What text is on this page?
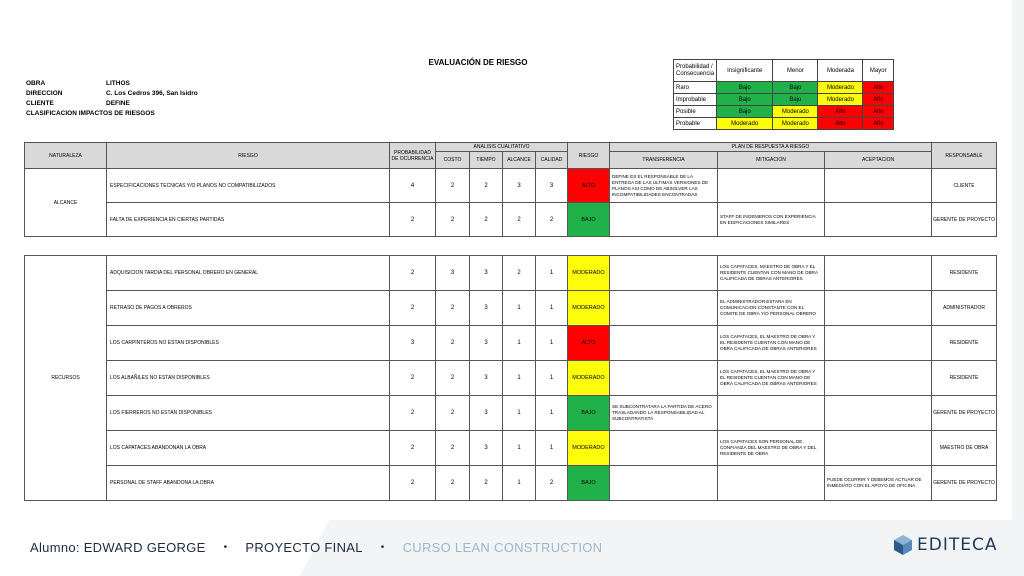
EVALUACIÓN DE RIESGO
OBRA	LITHOS
DIRECCION	C. Los Cedros 396, San Isidro
CLIENTE	DEFINE
CLASIFICACION IMPACTOS DE RIESGOS
Probabilidad / Consecuencia	Insignificante	Menor	Moderada	Mayor
Raro	Bajo	Bajo	Moderado	Alto
Improbable	Bajo	Bajo	Moderado	Alto
Posible	Bajo	Moderado	Alto	Alto
Probable	Moderado	Moderado	Alto	Alto
NATURALEZA	RIESGO	PROBABILIDAD DE OCURRENCIA	ANALISIS CUALITATIVO				RIESGO	PLAN DE RESPUESTA A RIESGO			RESPONSABLE
			COSTO	TIEMPO	ALCANCE	CALIDAD		TRANSFERENCIA	MITIGACION	ACEPTACION	
ALCANCE	ESPECIFICACIONES TECNICAS Y/O PLANOS NO COMPATIBILIZADOS	4	2	2	3	3	ALTO	DEFINE ES EL RESPONSABLE DE LA ENTREGA DE LAS ULTIMAS VERSIONES DE PLANOS ASI COMO DE ABSOLVER LAS INCOMPATIBILIDADES ENCONTRADAS			CLIENTE
	FALTA DE EXPERIENCIA EN CIERTAS PARTIDAS	2	2	2	2	2	BAJO		STAFF DE INGENIEROS CON EXPERIENCIA EN EDIFICACIONES SIMILARES		GERENTE DE PROYECTO
RECURSOS	ADQUISICION TARDIA DEL PERSONAL OBRERO EN GENERAL	2	3	3	2	1	MODERADO		LOS CAPATACES, MAESTRO DE OBRA Y EL RESIDENTE CUENTAN CON MANO DE OBRA CALIFICADA DE OBRAS ANTERIORES		RESIDENTE
	RETRASO DE PAGOS A OBREROS	2	2	3	1	1	MODERADO		EL ADMINISTRADOR ESTARA EN COMUNICACION CONSTANTE CON EL COMITE DE OBRA Y/O PERSONAL OBRERO		ADMINISTRADOR
	LOS CARPINTEROS NO ESTAN DISPONIBLES	3	2	3	1	1	ALTO		LOS CAPATACES, EL MAESTRO DE OBRA Y EL RESIDENTE CUENTAN CON MANO DE OBRA CALIFICADA DE OBRAS ANTERIORES		RESIDENTE
	LOS ALBAÑILES NO ESTAN DISPONIBLES	2	2	3	1	1	MODERADO		LOS CAPATACES, EL MAESTRO DE OBRA Y EL RESIDENTE CUENTAN CON MANO DE OBRA CALIFICADA DE OBRAS ANTERIORES		RESIDENTE
	LOS FIERREROS NO ESTAN DISPONIBLES	2	2	3	1	1	BAJO	SE SUBCONTRATARA LA PARTIDA DE ACERO TRASLADANDO LA RESPONSABILIDAD AL SUBCONTRATISTA			GERENTE DE PROYECTO
	LOS CAPATACES ABANDONAN LA OBRA	2	2	3	1	1	MODERADO		LOS CAPATACES SON PERSONAL DE CONFIANZA DEL MAESTRO DE OBRA Y DEL RESIDENTE DE OBRA		MAESTRO DE OBRA
	PERSONAL DE STAFF ABANDONA LA OBRA	2	2	2	1	2	BAJO			PUEDE OCURRIR Y DEBEMOS ACTUAR DE INMEDIATO CON EL APOYO DE OFICINA	GERENTE DE PROYECTO
Alumno: EDWARD GEORGE • PROYECTO FINAL • CURSO LEAN CONSTRUCTION	EDITECA
